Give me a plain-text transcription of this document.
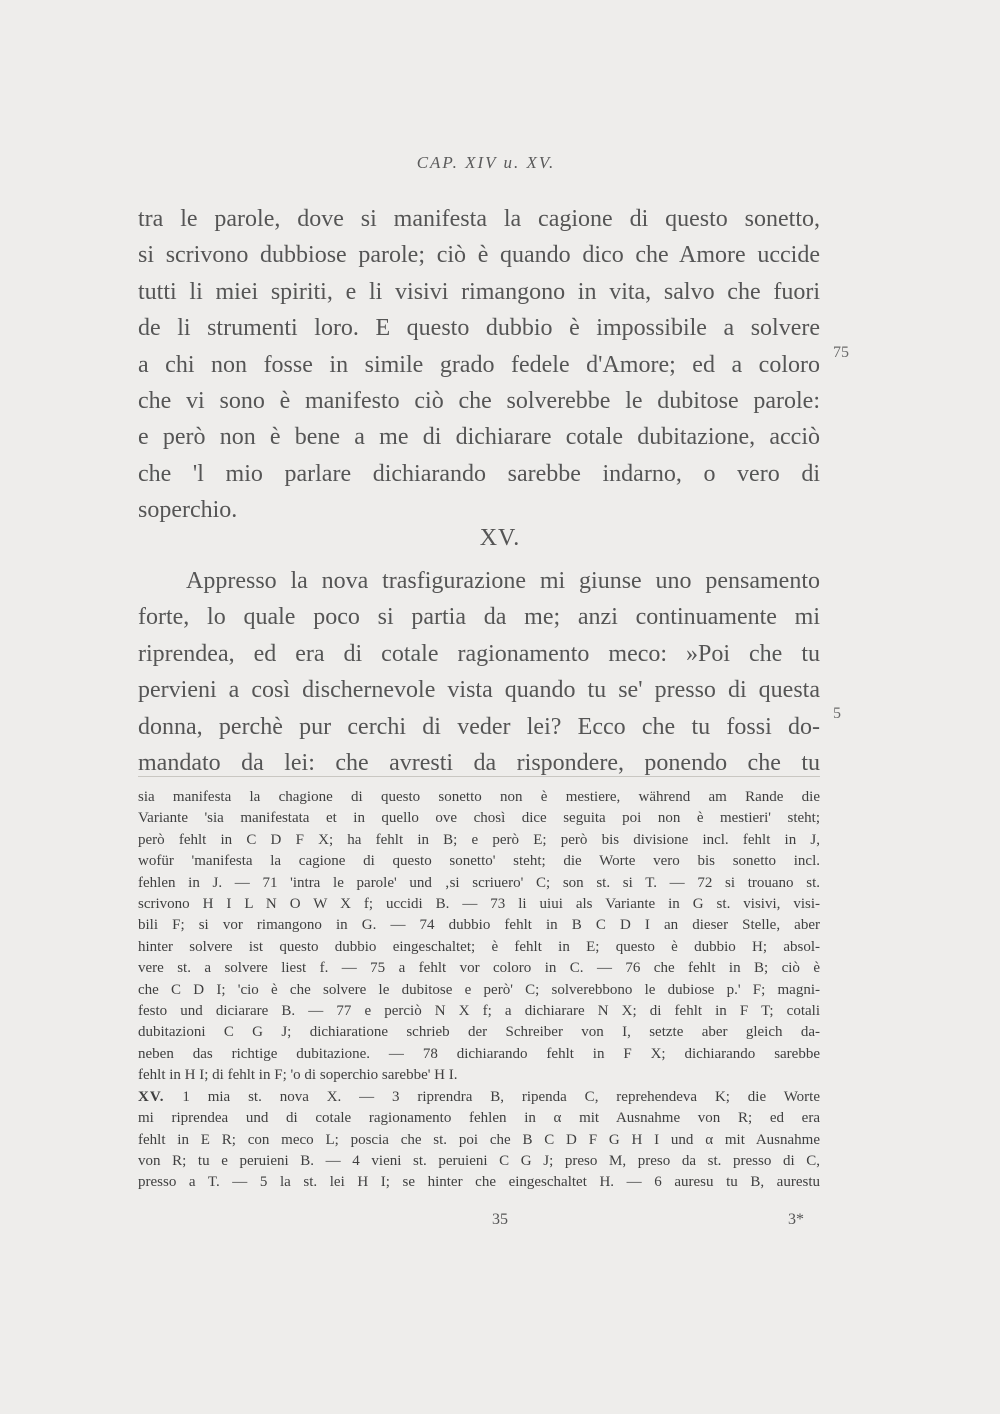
CAP. XIV u. XV.
tra le parole, dove si manifesta la cagione di questo sonetto,
si scrivono dubbiose parole; ciò è quando dico che Amore uccide
tutti li miei spiriti, e li visivi rimangono in vita, salvo che fuori
de li strumenti loro. E questo dubbio è impossibile a solvere
a chi non fosse in simile grado fedele d'Amore; ed a coloro
che vi sono è manifesto ciò che solverebbe le dubitose parole:
e però non è bene a me di dichiarare cotale dubitazione, acciò
che 'l mio parlare dichiarando sarebbe indarno, o vero di
soperchio.
75
XV.
Appresso la nova trasfigurazione mi giunse uno pensamento
forte, lo quale poco si partia da me; anzi continuamente mi
riprendea, ed era di cotale ragionamento meco: »Poi che tu
pervieni a così dischernevole vista quando tu se' presso di questa
donna, perchè pur cerchi di veder lei? Ecco che tu fossi do-
mandato da lei: che avresti da rispondere, ponendo che tu
5
sia manifesta la chagione di questo sonetto non è mestiere, während am Rande die
Variante 'sia manifestata et in quello ove chosì dice seguita poi non è mestieri' steht;
però fehlt in C D F X; ha fehlt in B; e però E; però bis divisione incl. fehlt in J,
wofür 'manifesta la cagione di questo sonetto' steht; die Worte vero bis sonetto incl.
fehlen in J. — 71 'intra le parole' und ‚si scriuero' C; son st. si T. — 72 si trouano st.
scrivono H I L N O W X f; uccidi B. — 73 li uiui als Variante in G st. visivi, visi-
bili F; si vor rimangono in G. — 74 dubbio fehlt in B C D I an dieser Stelle, aber
hinter solvere ist questo dubbio eingeschaltet; è fehlt in E; questo è dubbio H; absol-
vere st. a solvere liest f. — 75 a fehlt vor coloro in C. — 76 che fehlt in B; ciò è
che C D I; 'cio è che solvere le dubitose e però' C; solverebbono le dubiose p.' F; magni-
festo und diciarare B. — 77 e perciò N X f; a dichiarare N X; di fehlt in F T; cotali
dubitazioni C G J; dichiaratione schrieb der Schreiber von I, setzte aber gleich da-
neben das richtige dubitazione. — 78 dichiarando fehlt in F X; dichiarando sarebbe
fehlt in H I; di fehlt in F; 'o di soperchio sarebbe' H I.
XV. 1 mia st. nova X. — 3 riprendra B, ripenda C, reprehendeva K; die Worte
mi riprendea und di cotale ragionamento fehlen in α mit Ausnahme von R; ed era
fehlt in E R; con meco L; poscia che st. poi che B C D F G H I und α mit Ausnahme
von R; tu e peruieni B. — 4 vieni st. peruieni C G J; preso M, preso da st. presso di C,
presso a T. — 5 la st. lei H I; se hinter che eingeschaltet H. — 6 auresu tu B, aurestu
35	3*
